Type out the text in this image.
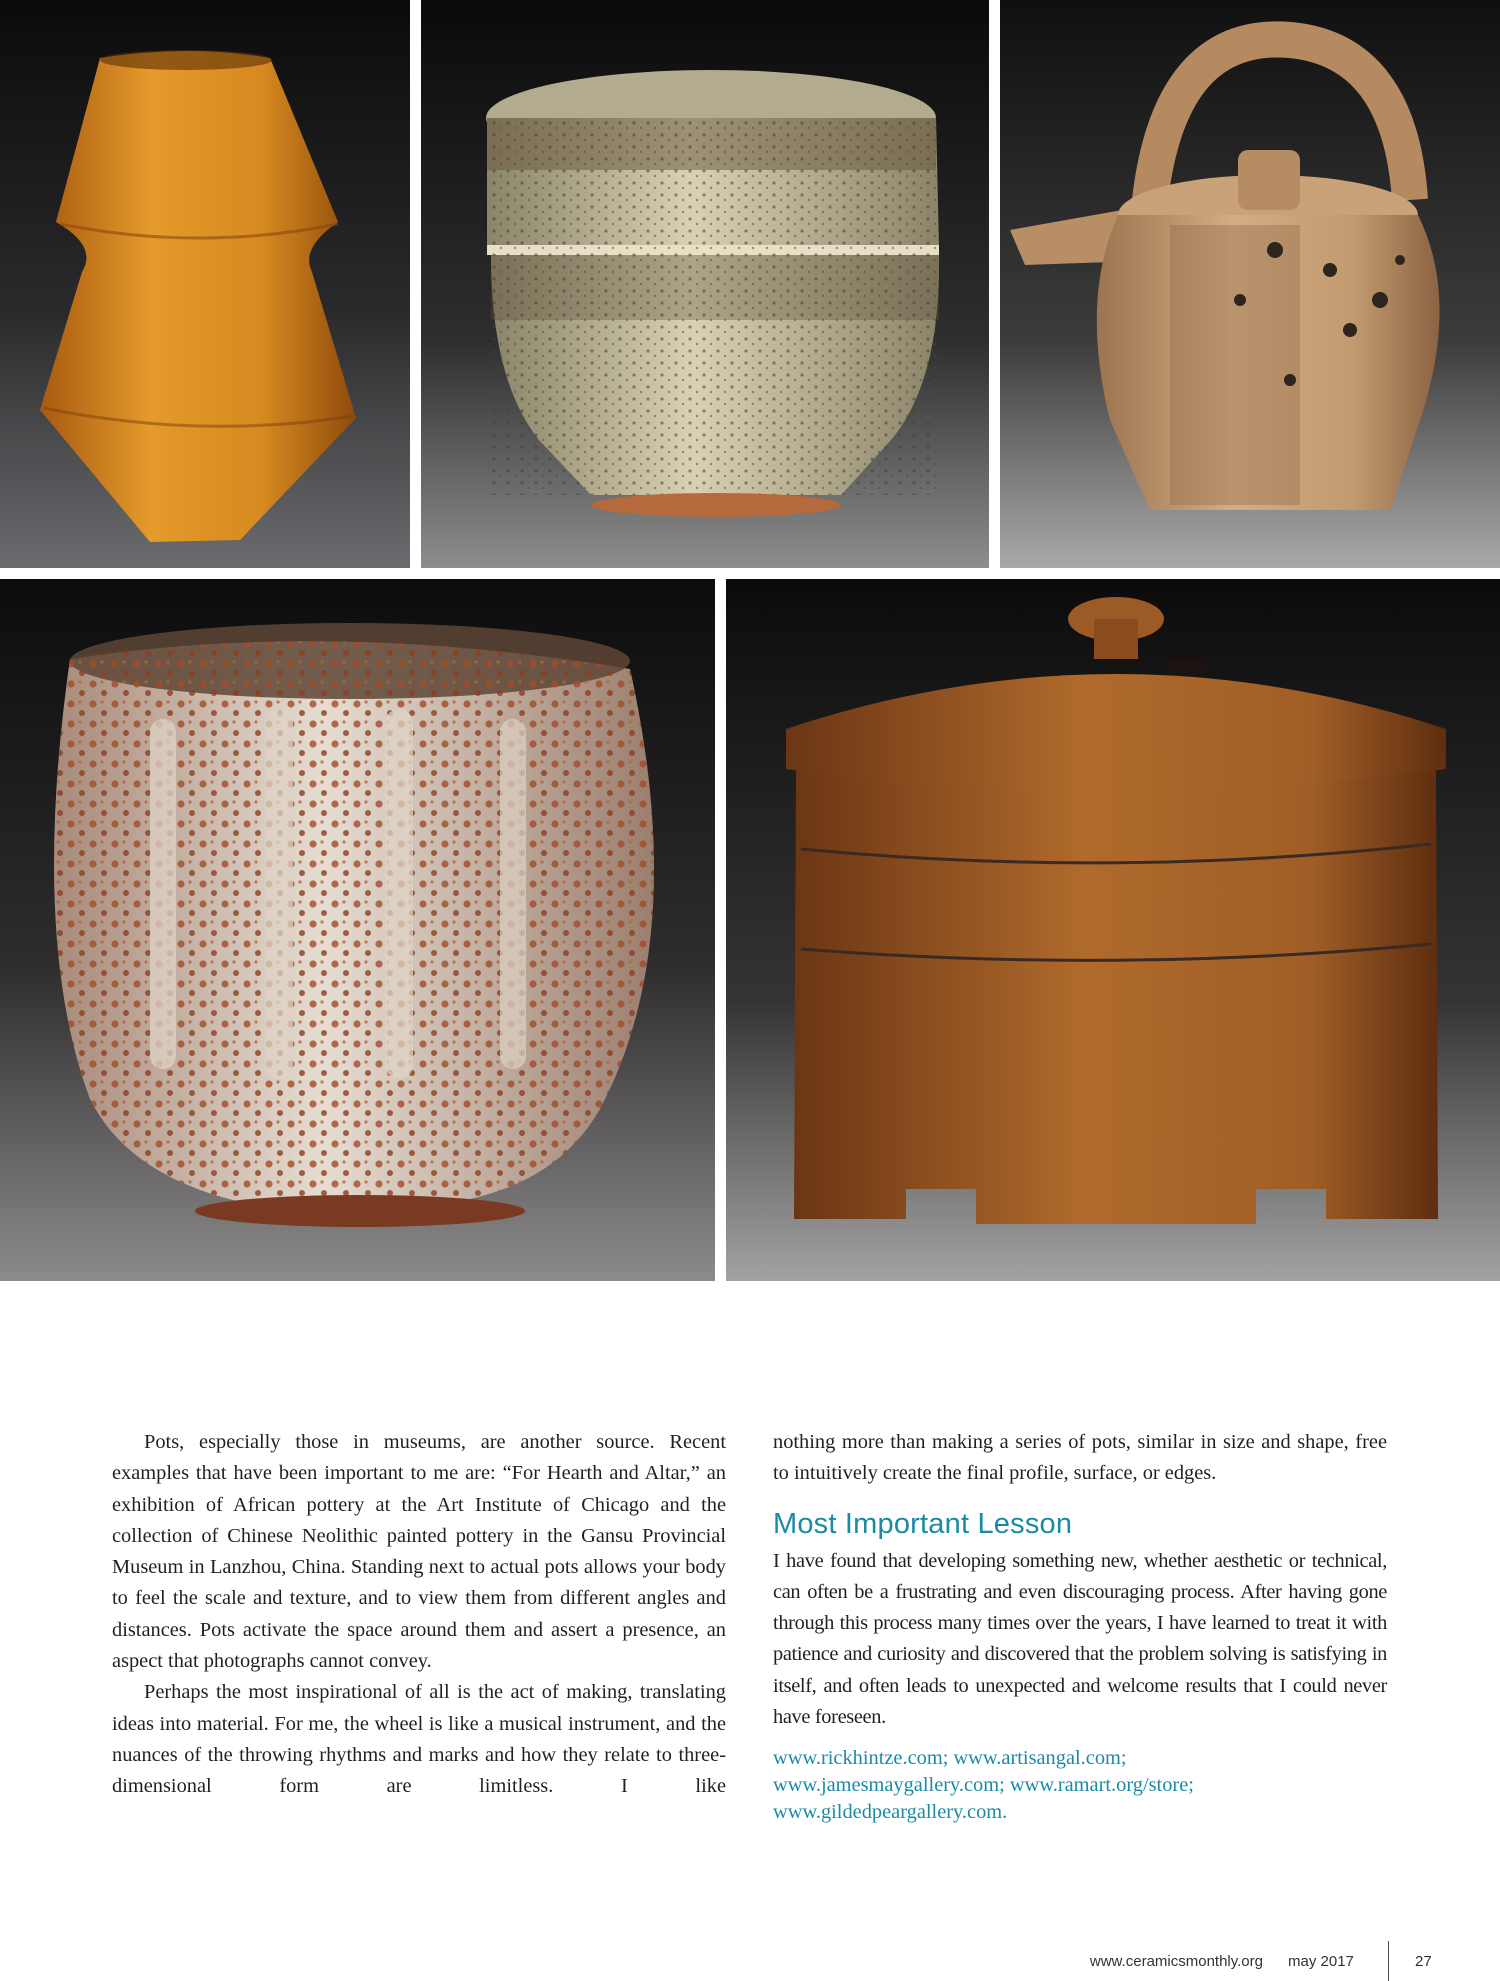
Pots, especially those in museums, are another source. Recent examples that have been important to me are: “For Hearth and Altar,” an exhibition of African pottery at the Art Institute of Chicago and the collection of Chinese Neolithic painted pottery in the Gansu Provincial Museum in Lanzhou, China. Standing next to actual pots allows your body to feel the scale and texture, and to view them from different angles and distances. Pots activate the space around them and assert a presence, an aspect that photographs cannot convey.

Perhaps the most inspirational of all is the act of making, translating ideas into material. For me, the wheel is like a musical instrument, and the nuances of the throwing rhythms and marks and how they relate to three-dimensional form are limitless. I like

nothing more than making a series of pots, similar in size and shape, free to intuitively create the final profile, surface, or edges.

Most Important Lesson

I have found that developing something new, whether aesthetic or technical, can often be a frustrating and even discouraging process. After having gone through this process many times over the years, I have learned to treat it with patience and curiosity and discovered that the problem solving is satisfying in itself, and often leads to unexpected and welcome results that I could never have foreseen.

www.rickhintze.com; www.artisangal.com;
www.jamesmaygallery.com; www.ramart.org/store;
www.gildedpeargallery.com.

www.ceramicsmonthly.org may 2017	27
